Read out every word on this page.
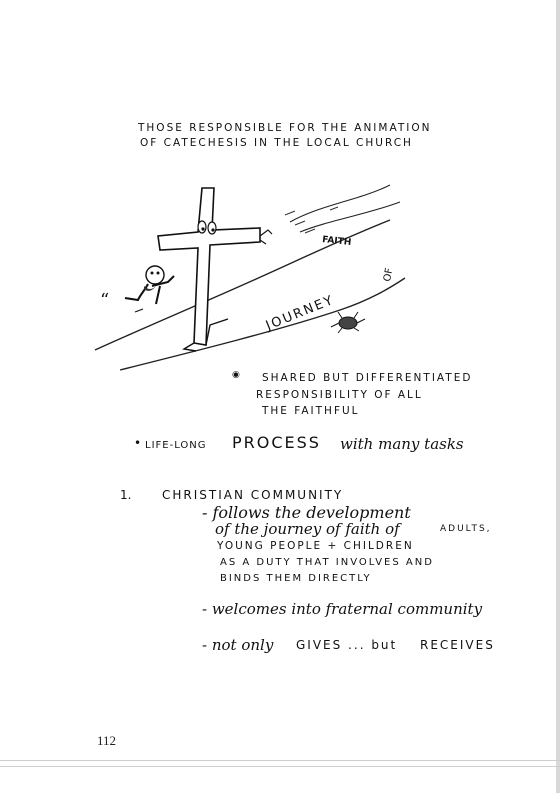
THOSE RESPONSIBLE FOR THE ANIMATION
OF CATECHESIS IN THE LOCAL CHURCH
FAITH
JOURNEY
OF
“
◉ SHARED BUT DIFFERENTIATED
RESPONSIBILITY OF ALL
THE FAITHFUL
• LIFE-LONG PROCESS with many tasks
1.	CHRISTIAN COMMUNITY
- follows the development
of the journey of faith of	ADULTS,
YOUNG PEOPLE + CHILDREN
AS A DUTY THAT INVOLVES AND
BINDS THEM DIRECTLY
- welcomes into fraternal community
- not only GIVES ... but RECEIVES
112
